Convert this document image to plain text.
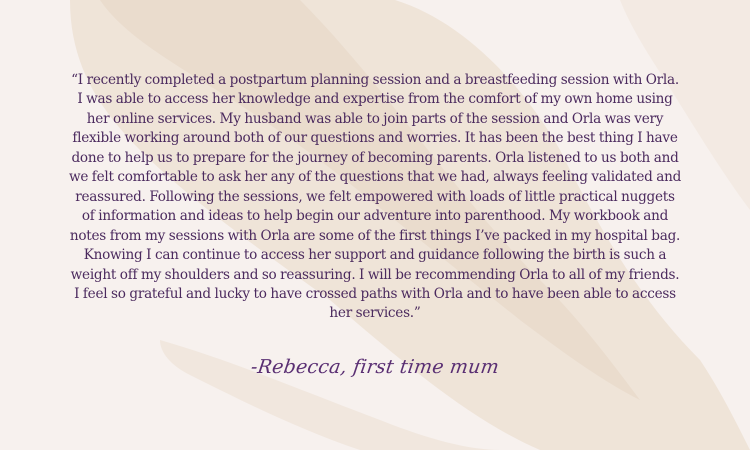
“I recently completed a postpartum planning session and a breastfeeding session with Orla. I was able to access her knowledge and expertise from the comfort of my own home using her online services. My husband was able to join parts of the session and Orla was very flexible working around both of our questions and worries. It has been the best thing I have done to help us to prepare for the journey of becoming parents. Orla listened to us both and we felt comfortable to ask her any of the questions that we had, always feeling validated and reassured. Following the sessions, we felt empowered with loads of little practical nuggets of information and ideas to help begin our adventure into parenthood. My workbook and notes from my sessions with Orla are some of the first things I’ve packed in my hospital bag. Knowing I can continue to access her support and guidance following the birth is such a weight off my shoulders and so reassuring. I will be recommending Orla to all of my friends. I feel so grateful and lucky to have crossed paths with Orla and to have been able to access her services.”

-Rebecca, first time mum
